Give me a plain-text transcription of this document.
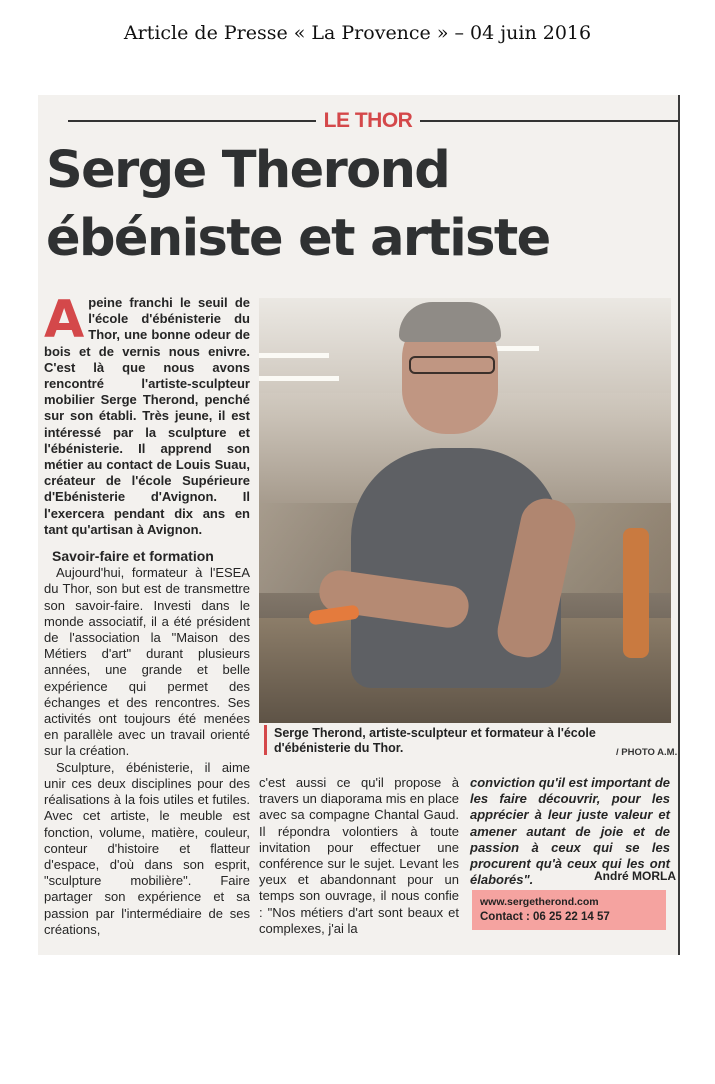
Article de Presse « La Provence » – 04 juin 2016
LE THOR
Serge Therond
ébéniste et artiste

Apeine franchi le seuil de l'école d'ébénisterie du Thor, une bonne odeur de bois et de vernis nous enivre. C'est là que nous avons rencontré l'artiste-sculpteur mobilier Serge Therond, penché sur son établi. Très jeune, il est intéressé par la sculpture et l'ébénisterie. Il apprend son métier au contact de Louis Suau, créateur de l'école Supérieure d'Ebénisterie d'Avignon. Il l'exercera pendant dix ans en tant qu'artisan à Avignon.

Savoir-faire et formation

Aujourd'hui, formateur à l'ESEA du Thor, son but est de transmettre son savoir-faire. Investi dans le monde associatif, il a été président de l'association la "Maison des Métiers d'art" durant plusieurs années, une grande et belle expérience qui permet des échanges et des rencontres. Ses activités ont toujours été menées en parallèle avec un travail orienté sur la création.

Sculpture, ébénisterie, il aime unir ces deux disciplines pour des réalisations à la fois utiles et futiles. Avec cet artiste, le meuble est fonction, volume, matière, couleur, conteur d'histoire et flatteur d'espace, d'où dans son esprit, "sculpture mobilière". Faire partager son expérience et sa passion par l'intermédiaire de ses créations,

Serge Therond, artiste-sculpteur et formateur à l'école d'ébénisterie du Thor.	/ PHOTO A.M.

c'est aussi ce qu'il propose à travers un diaporama mis en place avec sa compagne Chantal Gaud. Il répondra volontiers à toute invitation pour effectuer une conférence sur le sujet. Levant les yeux et abandonnant pour un temps son ouvrage, il nous confie : "Nos métiers d'art sont beaux et complexes, j'ai la

conviction qu'il est important de les faire découvrir, pour les apprécier à leur juste valeur et amener autant de joie et de passion à ceux qui se les procurent qu'à ceux qui les ont élaborés".	André MORLA
www.sergetherond.com
Contact : 06 25 22 14 57
